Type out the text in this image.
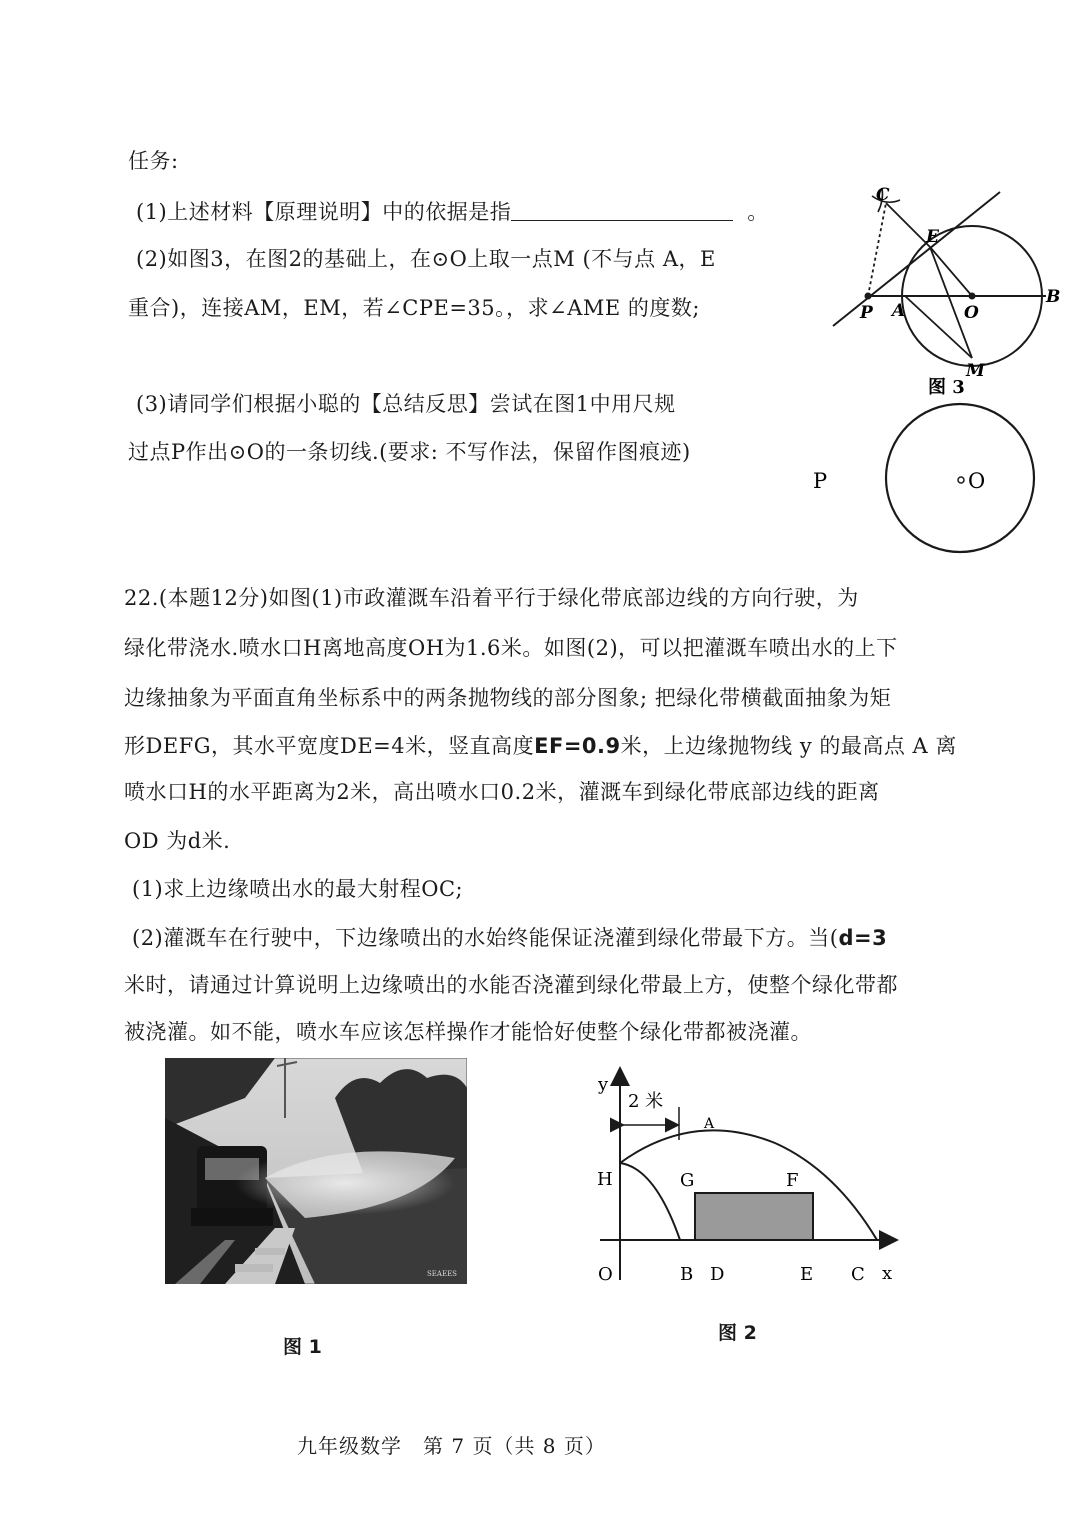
任务:
(1)上述材料【原理说明】中的依据是指	。
(2)如图3，在图2的基础上，在⊙O上取一点M (不与点 A，E
重合)，连接AM，EM，若∠CPE=35。，求∠AME 的度数;
(3)请同学们根据小聪的【总结反思】尝试在图1中用尺规
过点P作出⊙O的一条切线.(要求: 不写作法，保留作图痕迹)
C
E
P A	O
B
M
图 3
O
P
22.(本题12分)如图(1)市政灌溉车沿着平行于绿化带底部边线的方向行驶，为
绿化带浇水.喷水口H离地高度OH为1.6米。如图(2)，可以把灌溉车喷出水的上下
边缘抽象为平面直角坐标系中的两条抛物线的部分图象; 把绿化带横截面抽象为矩
形DEFG，其水平宽度DE=4米，竖直高度EF=0.9米，上边缘抛物线 y 的最高点 A 离
喷水口H的水平距离为2米，高出喷水口0.2米，灌溉车到绿化带底部边线的距离
OD 为d米.
(1)求上边缘喷出水的最大射程OC;
(2)灌溉车在行驶中，下边缘喷出的水始终能保证浇灌到绿化带最下方。当(d=3
米时，请通过计算说明上边缘喷出的水能否浇灌到绿化带最上方，使整个绿化带都
被浇灌。如不能，喷水车应该怎样操作才能恰好使整个绿化带都被浇灌。
SEAEES
图 1
2 米
y
x
H
O
A
G	F
B D	E C
图 2
九年级数学　第 7 页（共 8 页）
